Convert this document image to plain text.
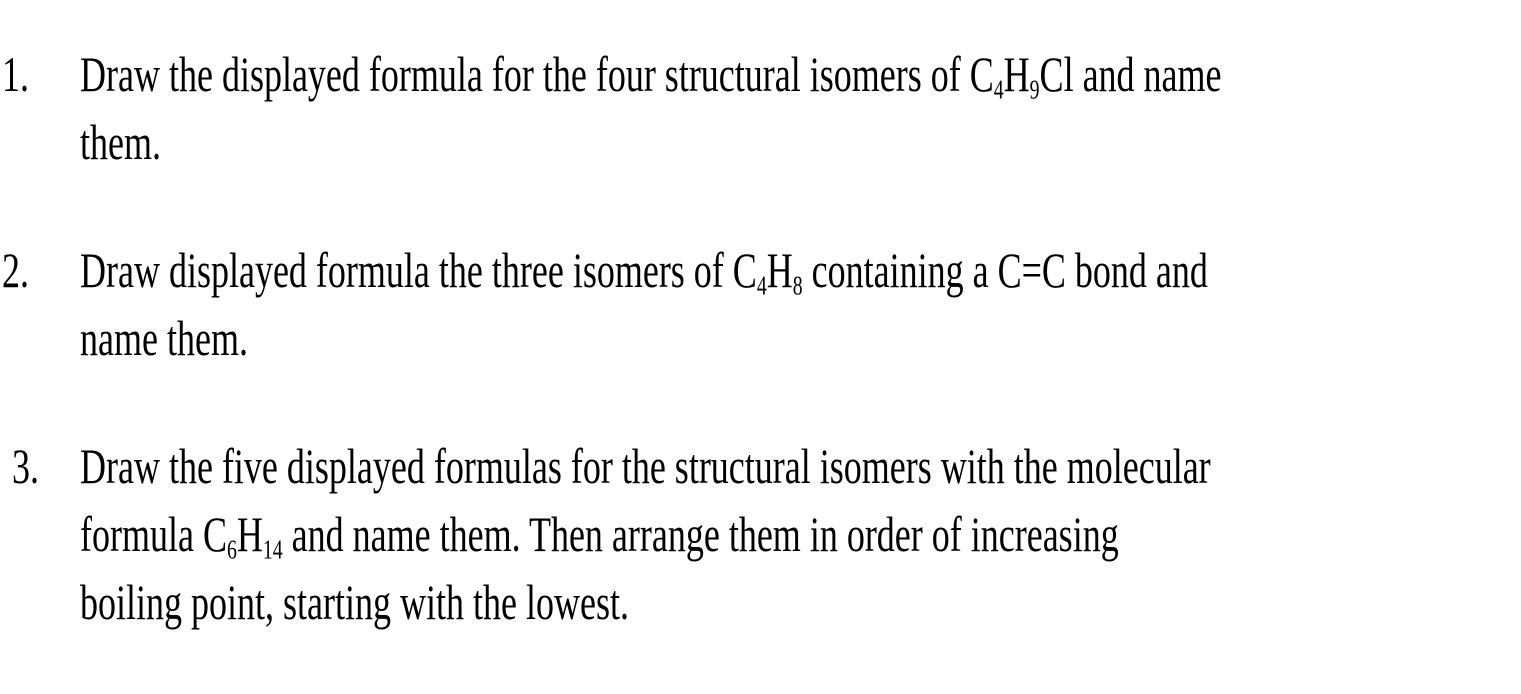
1. Draw the displayed formula for the four structural isomers of $C_4H_9Cl$ and name
them.
2. Draw displayed formula the three isomers of $C_4H_8$ containing a C=C bond and
name them.
3. Draw the five displayed formulas for the structural isomers with the molecular
formula $C_6H_{14}$ and name them. Then arrange them in order of increasing
boiling point, starting with the lowest.
